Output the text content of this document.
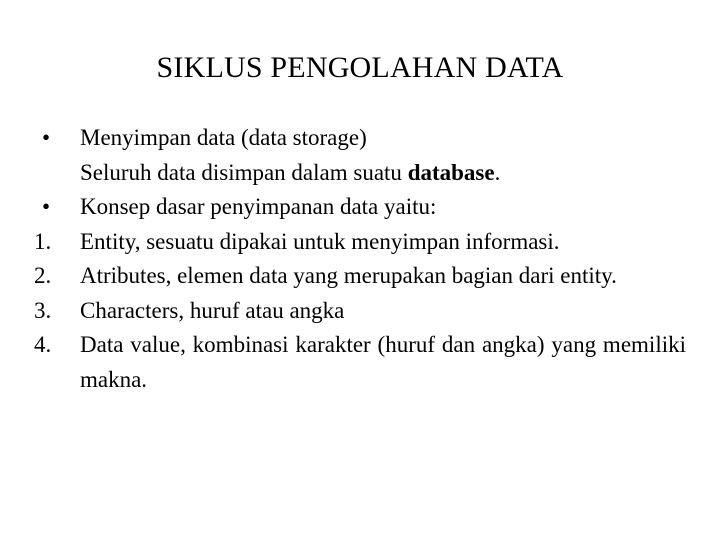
SIKLUS PENGOLAHAN DATA
•	Menyimpan data (data storage)
Seluruh data disimpan dalam suatu database.
•	Konsep dasar penyimpanan data yaitu:
1.	Entity, sesuatu dipakai untuk menyimpan informasi.
2.	Atributes, elemen data yang merupakan bagian dari entity.
3.	Characters, huruf atau angka
4.	Data value, kombinasi karakter (huruf dan angka) yang memiliki makna.
